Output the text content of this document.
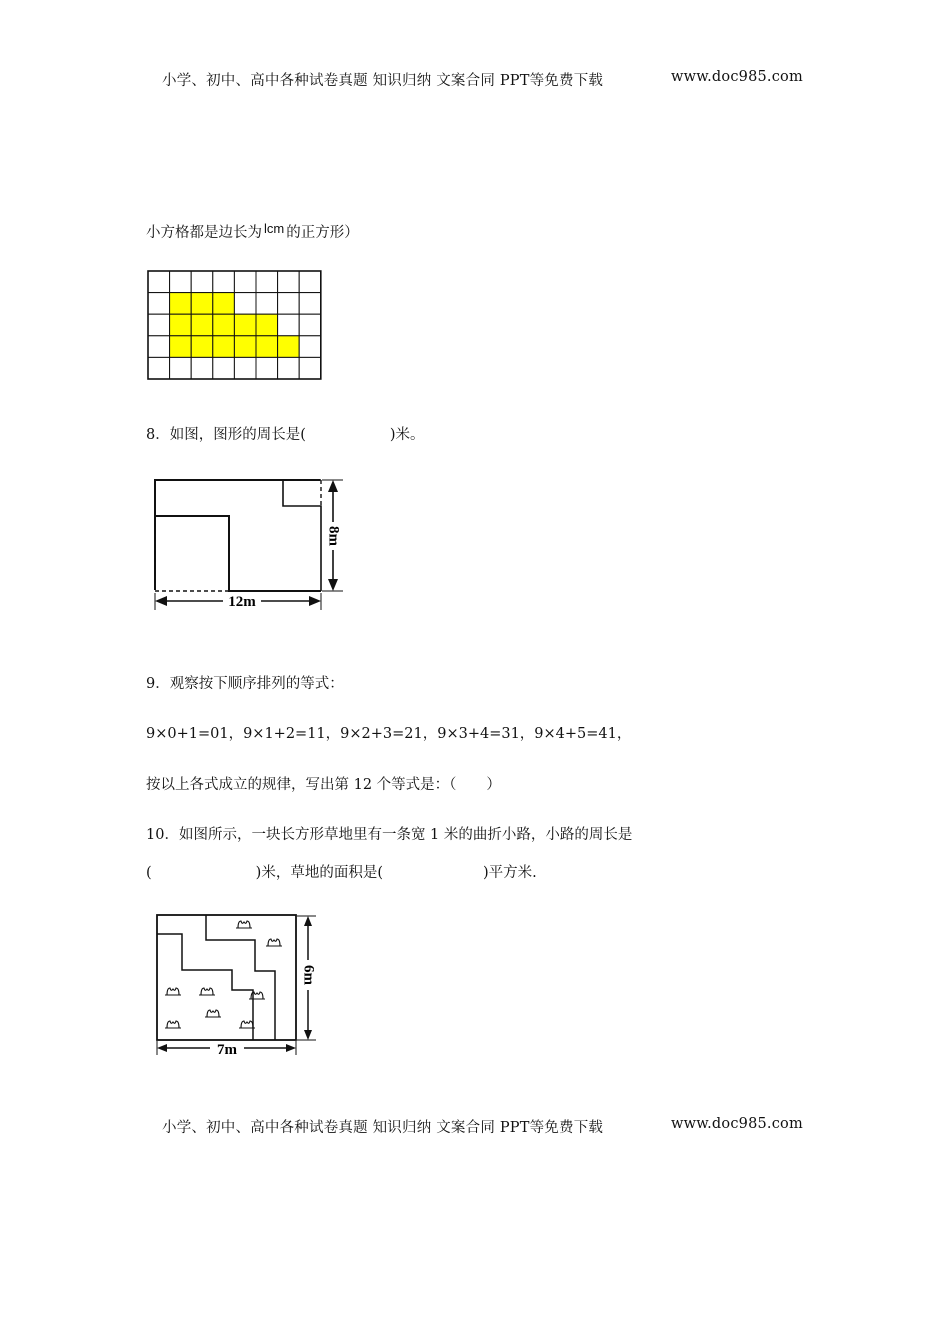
小学、初中、高中各种试卷真题 知识归纳 文案合同 PPT等免费下载	www.doc985.com
小方格都是边长为 lcm 的正方形）
8．如图，图形的周长是(	)米。
8m
12m
9．观察按下顺序排列的等式：
9×0+1=01，9×1+2=11，9×2+3=21，9×3+4=31，9×4+5=41，
按以上各式成立的规律，写出第 12 个等式是：（ ）
10．如图所示，一块长方形草地里有一条宽 1 米的曲折小路，小路的周长是
(	)米，草地的面积是(	)平方米.
6m
7m
小学、初中、高中各种试卷真题 知识归纳 文案合同 PPT等免费下载	www.doc985.com
